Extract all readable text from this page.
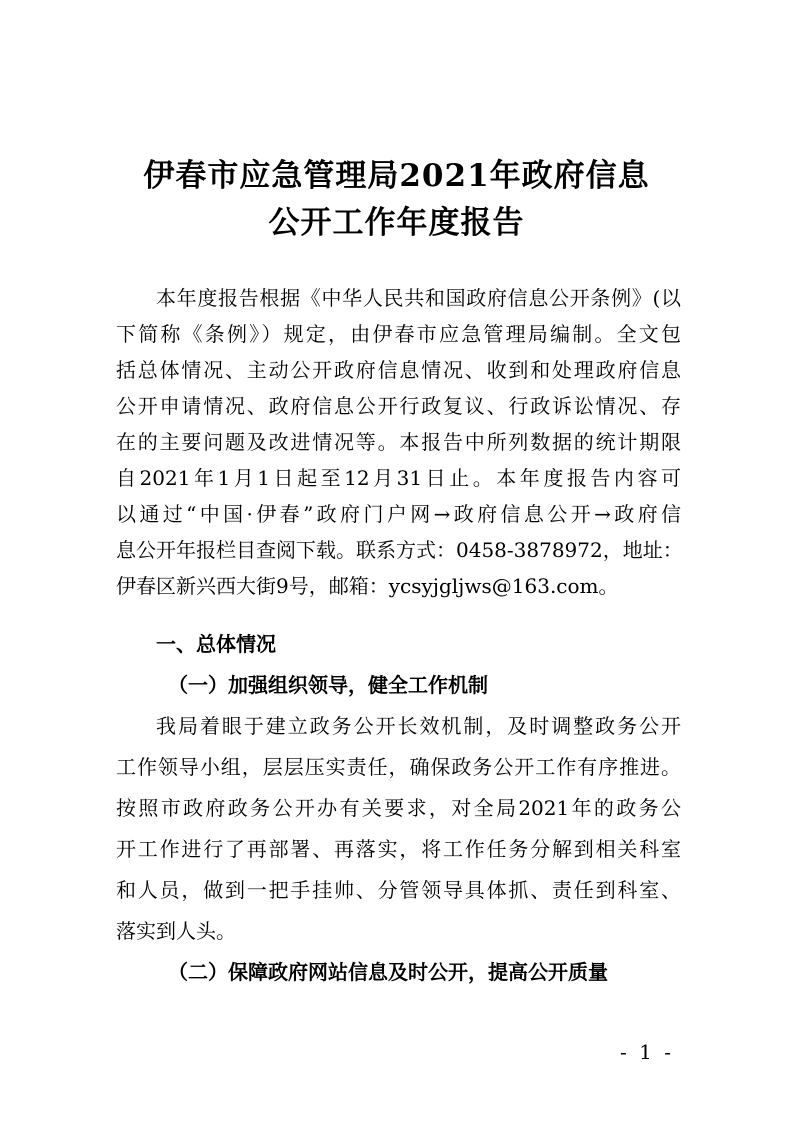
伊春市应急管理局2021年政府信息
公开工作年度报告
本年度报告根据《中华人民共和国政府信息公开条例》(以
下简称《条例》）规定，由伊春市应急管理局编制。全文包
括总体情况、主动公开政府信息情况、收到和处理政府信息
公开申请情况、政府信息公开行政复议、行政诉讼情况、存
在的主要问题及改进情况等。本报告中所列数据的统计期限
自2021年1月1日起至12月31日止。本年度报告内容可
以通过“中国·伊春”政府门户网→政府信息公开→政府信
息公开年报栏目查阅下载。联系方式：0458-3878972，地址：
伊春区新兴西大街9号，邮箱：ycsyjgljws@163.com。
一、总体情况
（一）加强组织领导，健全工作机制
我局着眼于建立政务公开长效机制，及时调整政务公开
工作领导小组，层层压实责任，确保政务公开工作有序推进。
按照市政府政务公开办有关要求，对全局2021年的政务公
开工作进行了再部署、再落实，将工作任务分解到相关科室
和人员，做到一把手挂帅、分管领导具体抓、责任到科室、
落实到人头。
（二）保障政府网站信息及时公开，提高公开质量
- 1 -
